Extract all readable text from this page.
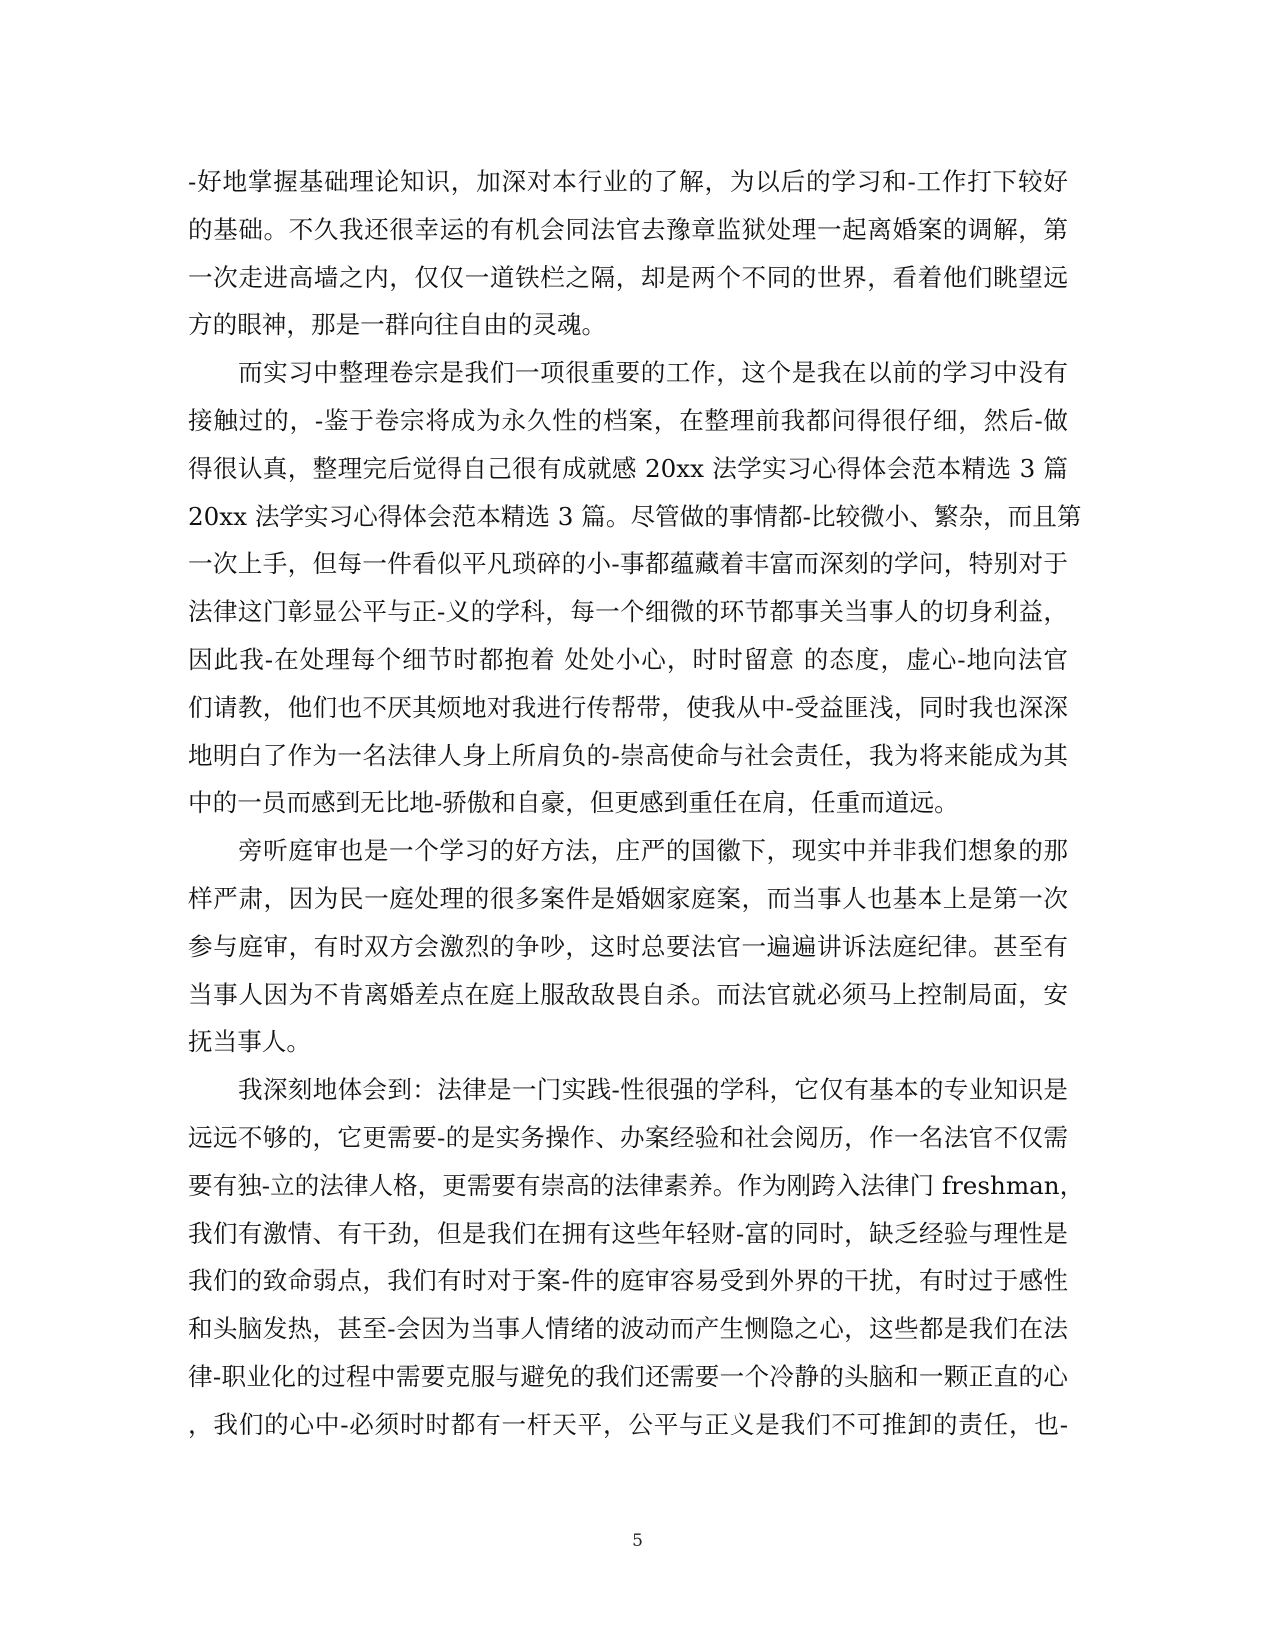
-好地掌握基础理论知识，加深对本行业的了解，为以后的学习和-工作打下较好
的基础。不久我还很幸运的有机会同法官去豫章监狱处理一起离婚案的调解，第
一次走进高墙之内，仅仅一道铁栏之隔，却是两个不同的世界，看着他们眺望远
方的眼神，那是一群向往自由的灵魂。
而实习中整理卷宗是我们一项很重要的工作，这个是我在以前的学习中没有
接触过的，-鉴于卷宗将成为永久性的档案，在整理前我都问得很仔细，然后-做
得很认真，整理完后觉得自己很有成就感 20xx 法学实习心得体会范本精选 3 篇
20xx 法学实习心得体会范本精选 3 篇。尽管做的事情都-比较微小、繁杂，而且第
一次上手，但每一件看似平凡琐碎的小-事都蕴藏着丰富而深刻的学问，特别对于
法律这门彰显公平与正-义的学科，每一个细微的环节都事关当事人的切身利益，
因此我-在处理每个细节时都抱着 处处小心，时时留意 的态度，虚心-地向法官
们请教，他们也不厌其烦地对我进行传帮带，使我从中-受益匪浅，同时我也深深
地明白了作为一名法律人身上所肩负的-崇高使命与社会责任，我为将来能成为其
中的一员而感到无比地-骄傲和自豪，但更感到重任在肩，任重而道远。
旁听庭审也是一个学习的好方法，庄严的国徽下，现实中并非我们想象的那
样严肃，因为民一庭处理的很多案件是婚姻家庭案，而当事人也基本上是第一次
参与庭审，有时双方会激烈的争吵，这时总要法官一遍遍讲诉法庭纪律。甚至有
当事人因为不肯离婚差点在庭上服敌敌畏自杀。而法官就必须马上控制局面，安
抚当事人。
我深刻地体会到：法律是一门实践-性很强的学科，它仅有基本的专业知识是
远远不够的，它更需要-的是实务操作、办案经验和社会阅历，作一名法官不仅需
要有独-立的法律人格，更需要有崇高的法律素养。作为刚跨入法律门 freshman，
我们有激情、有干劲，但是我们在拥有这些年轻财-富的同时，缺乏经验与理性是
我们的致命弱点，我们有时对于案-件的庭审容易受到外界的干扰，有时过于感性
和头脑发热，甚至-会因为当事人情绪的波动而产生恻隐之心，这些都是我们在法
律-职业化的过程中需要克服与避免的我们还需要一个冷静的头脑和一颗正直的心
，我们的心中-必须时时都有一杆天平，公平与正义是我们不可推卸的责任，也-
5
